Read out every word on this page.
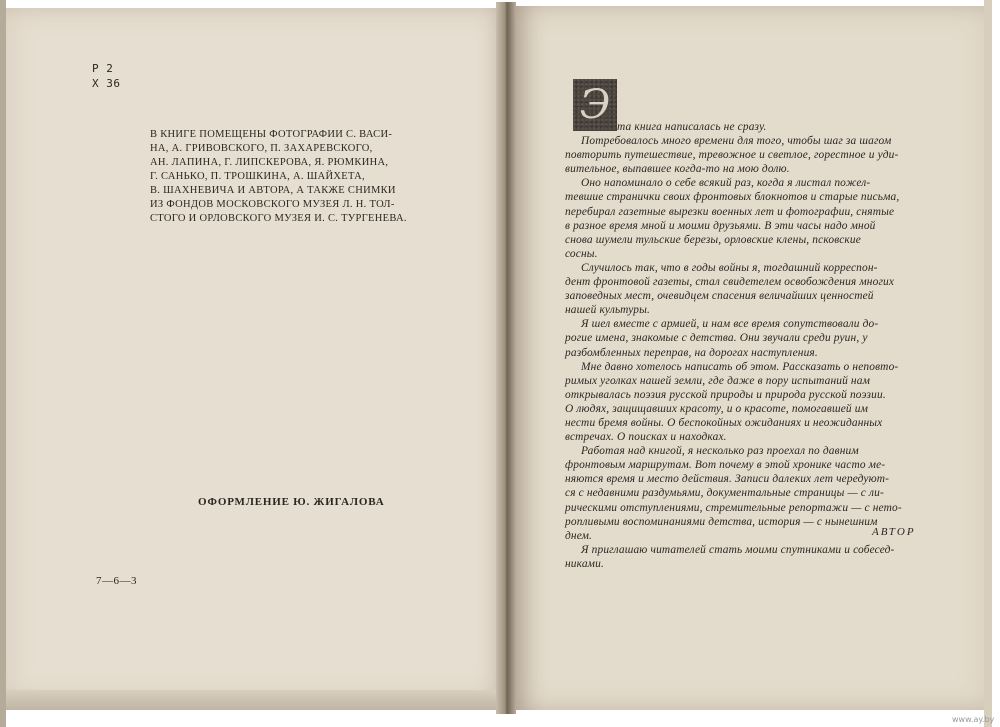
Р 2
Х 36
В КНИГЕ ПОМЕЩЕНЫ ФОТОГРАФИИ С. ВАСИ-
НА, А. ГРИВОВСКОГО, П. ЗАХАРЕВСКОГО,
АН. ЛАПИНА, Г. ЛИПСКЕРОВА, Я. РЮМКИНА,
Г. САНЬКО, П. ТРОШКИНА, А. ШАЙХЕТА,
В. ШАХНЕВИЧА И АВТОРА, А ТАКЖЕ СНИМКИ
ИЗ ФОНДОВ МОСКОВСКОГО МУЗЕЯ Л. Н. ТОЛ-
СТОГО И ОРЛОВСКОГО МУЗЕЯ И. С. ТУРГЕНЕВА.
ОФОРМЛЕНИЕ Ю. ЖИГАЛОВА
7—6—3
Э та книга написалась не сразу.
Потребовалось много времени для того, чтобы шаг за шагом
повторить путешествие, тревожное и светлое, горестное и уди-
вительное, выпавшее когда-то на мою долю.
Оно напоминало о себе всякий раз, когда я листал пожел-
тевшие странички своих фронтовых блокнотов и старые письма,
перебирал газетные вырезки военных лет и фотографии, снятые
в разное время мной и моими друзьями. В эти часы надо мной
снова шумели тульские березы, орловские клены, псковские
сосны.
Случилось так, что в годы войны я, тогдашний корреспон-
дент фронтовой газеты, стал свидетелем освобождения многих
заповедных мест, очевидцем спасения величайших ценностей
нашей культуры.
Я шел вместе с армией, и нам все время сопутствовали до-
рогие имена, знакомые с детства. Они звучали среди руин, у
разбомбленных переправ, на дорогах наступления.
Мне давно хотелось написать об этом. Рассказать о неповто-
римых уголках нашей земли, где даже в пору испытаний нам
открывалась поэзия русской природы и природа русской поэзии.
О людях, защищавших красоту, и о красоте, помогавшей им
нести бремя войны. О беспокойных ожиданиях и неожиданных
встречах. О поисках и находках.
Работая над книгой, я несколько раз проехал по давним
фронтовым маршрутам. Вот почему в этой хронике часто ме-
няются время и место действия. Записи далеких лет чередуют-
ся с недавними раздумьями, документальные страницы — с ли-
рическими отступлениями, стремительные репортажи — с нето-
ропливыми воспоминаниями детства, история — с нынешним
днем.
Я приглашаю читателей стать моими спутниками и собесед-
никами.
АВТОР
www.ay.by
